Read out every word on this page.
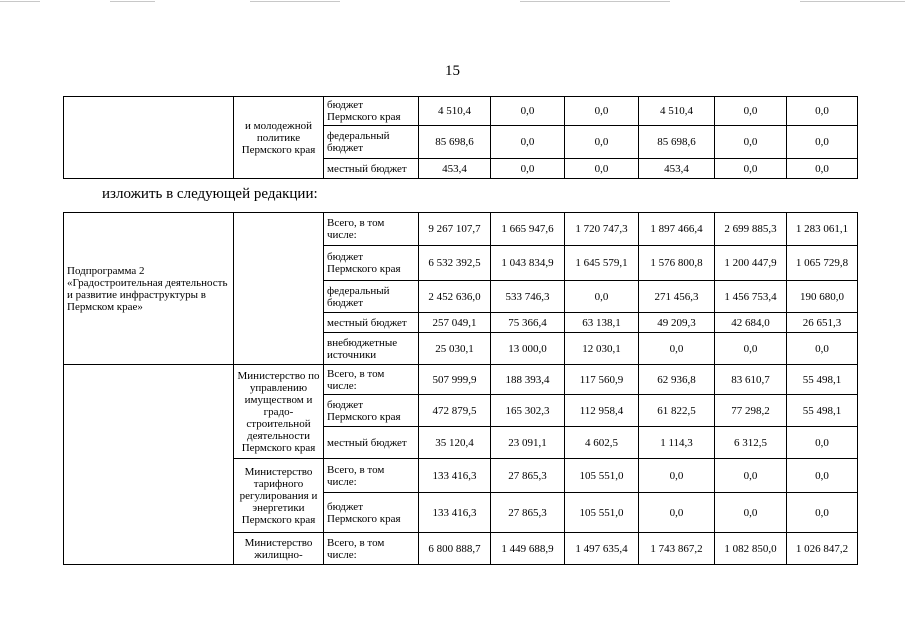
15
	и молодежной политике Пермского края	бюджет Пермского края	4 510,4	0,0	0,0	4 510,4	0,0	0,0
		федеральный бюджет	85 698,6	0,0	0,0	85 698,6	0,0	0,0
		местный бюджет	453,4	0,0	0,0	453,4	0,0	0,0
изложить в следующей редакции:
Подпрограмма 2 «Градостроительная деятельность и развитие инфраструктуры в Пермском крае»		Всего, в том числе:	9 267 107,7	1 665 947,6	1 720 747,3	1 897 466,4	2 699 885,3	1 283 061,1
		бюджет Пермского края	6 532 392,5	1 043 834,9	1 645 579,1	1 576 800,8	1 200 447,9	1 065 729,8
		федеральный бюджет	2 452 636,0	533 746,3	0,0	271 456,3	1 456 753,4	190 680,0
		местный бюджет	257 049,1	75 366,4	63 138,1	49 209,3	42 684,0	26 651,3
		внебюджетные источники	25 030,1	13 000,0	12 030,1	0,0	0,0	0,0
	Министерство по управлению имуществом и градо-строительной деятельности Пермского края	Всего, в том числе:	507 999,9	188 393,4	117 560,9	62 936,8	83 610,7	55 498,1
		бюджет Пермского края	472 879,5	165 302,3	112 958,4	61 822,5	77 298,2	55 498,1
		местный бюджет	35 120,4	23 091,1	4 602,5	1 114,3	6 312,5	0,0
	Министерство тарифного регулирования и энергетики Пермского края	Всего, в том числе:	133 416,3	27 865,3	105 551,0	0,0	0,0	0,0
		бюджет Пермского края	133 416,3	27 865,3	105 551,0	0,0	0,0	0,0
	Министерство жилищно-	Всего, в том числе:	6 800 888,7	1 449 688,9	1 497 635,4	1 743 867,2	1 082 850,0	1 026 847,2
